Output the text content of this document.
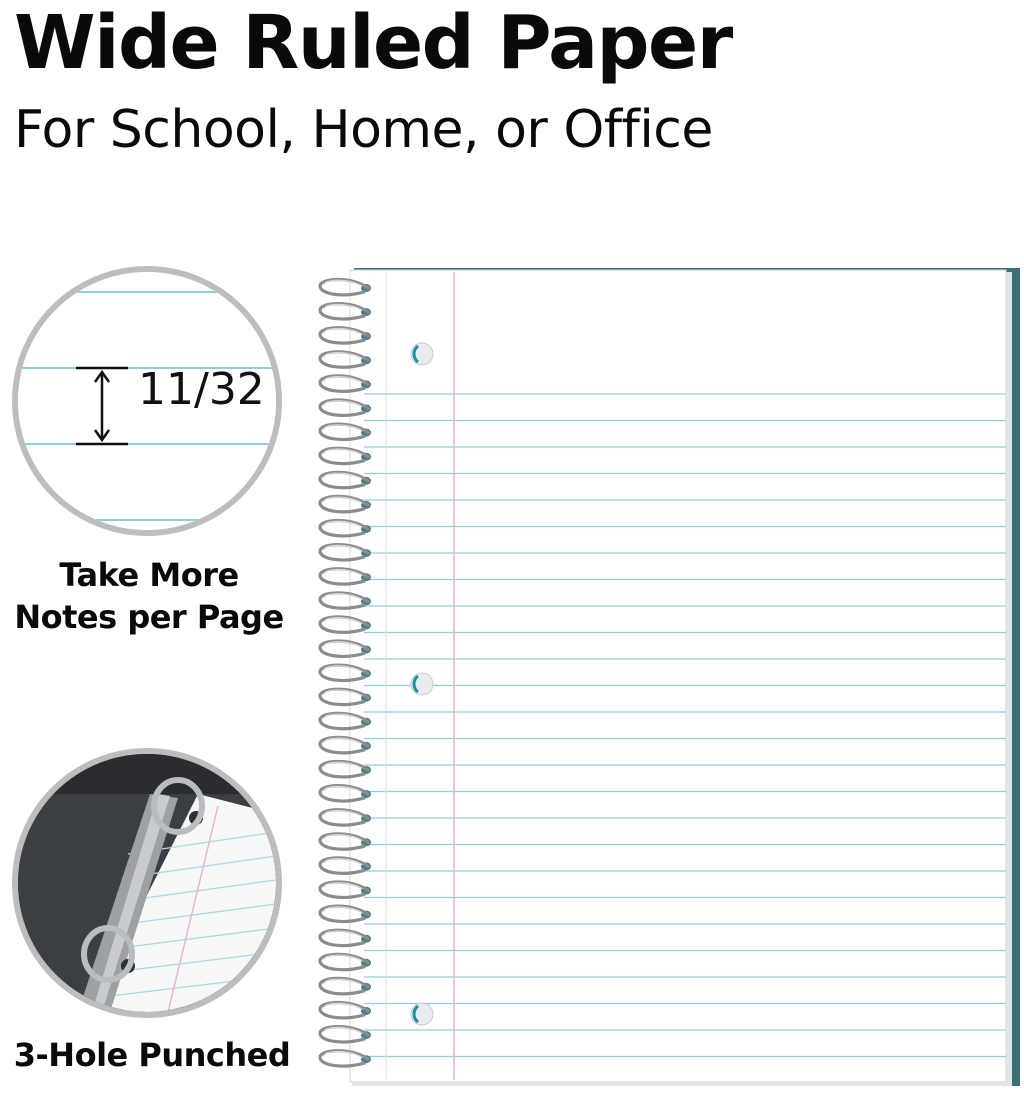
Wide Ruled Paper
For School, Home, or Office
11/32

Take More
Notes per Page

3-Hole Punched
